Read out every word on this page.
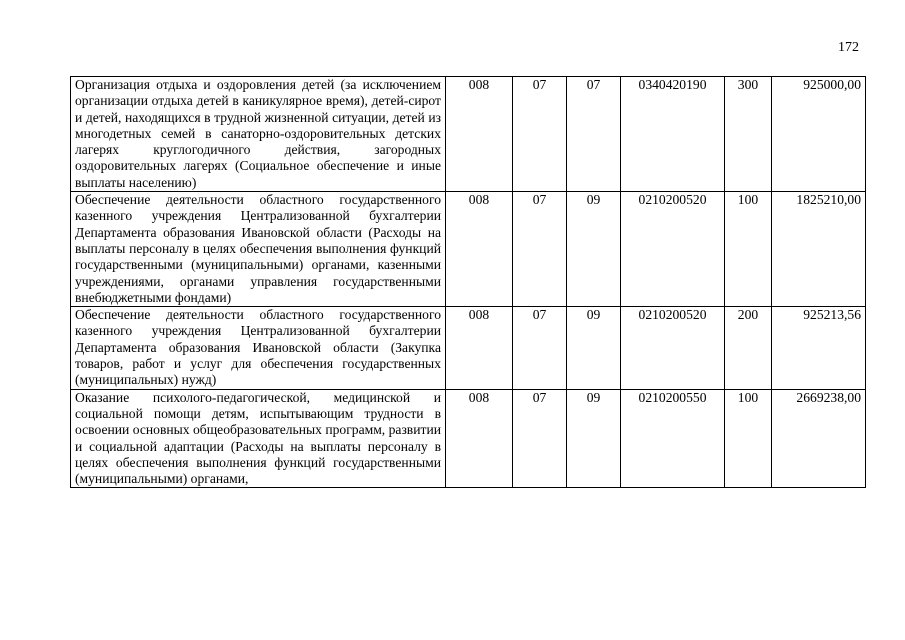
172
Организация отдыха и оздоровления детей (за исключением организации отдыха детей в каникулярное время), детей-сирот и детей, находящихся в трудной жизненной ситуации, детей из многодетных семей в санаторно-оздоровительных детских лагерях круглогодичного действия, загородных оздоровительных лагерях (Социальное обеспечение и иные выплаты населению)	008	07	07	0340420190	300	925000,00
Обеспечение деятельности областного государственного казенного учреждения Централизованной бухгалтерии Департамента образования Ивановской области (Расходы на выплаты персоналу в целях обеспечения выполнения функций государственными (муниципальными) органами, казенными учреждениями, органами управления государственными внебюджетными фондами)	008	07	09	0210200520	100	1825210,00
Обеспечение деятельности областного государственного казенного учреждения Централизованной бухгалтерии Департамента образования Ивановской области (Закупка товаров, работ и услуг для обеспечения государственных (муниципальных) нужд)	008	07	09	0210200520	200	925213,56
Оказание психолого-педагогической, медицинской и социальной помощи детям, испытывающим трудности в освоении основных общеобразовательных программ, развитии и социальной адаптации (Расходы на выплаты персоналу в целях обеспечения выполнения функций государственными (муниципальными) органами,	008	07	09	0210200550	100	2669238,00
